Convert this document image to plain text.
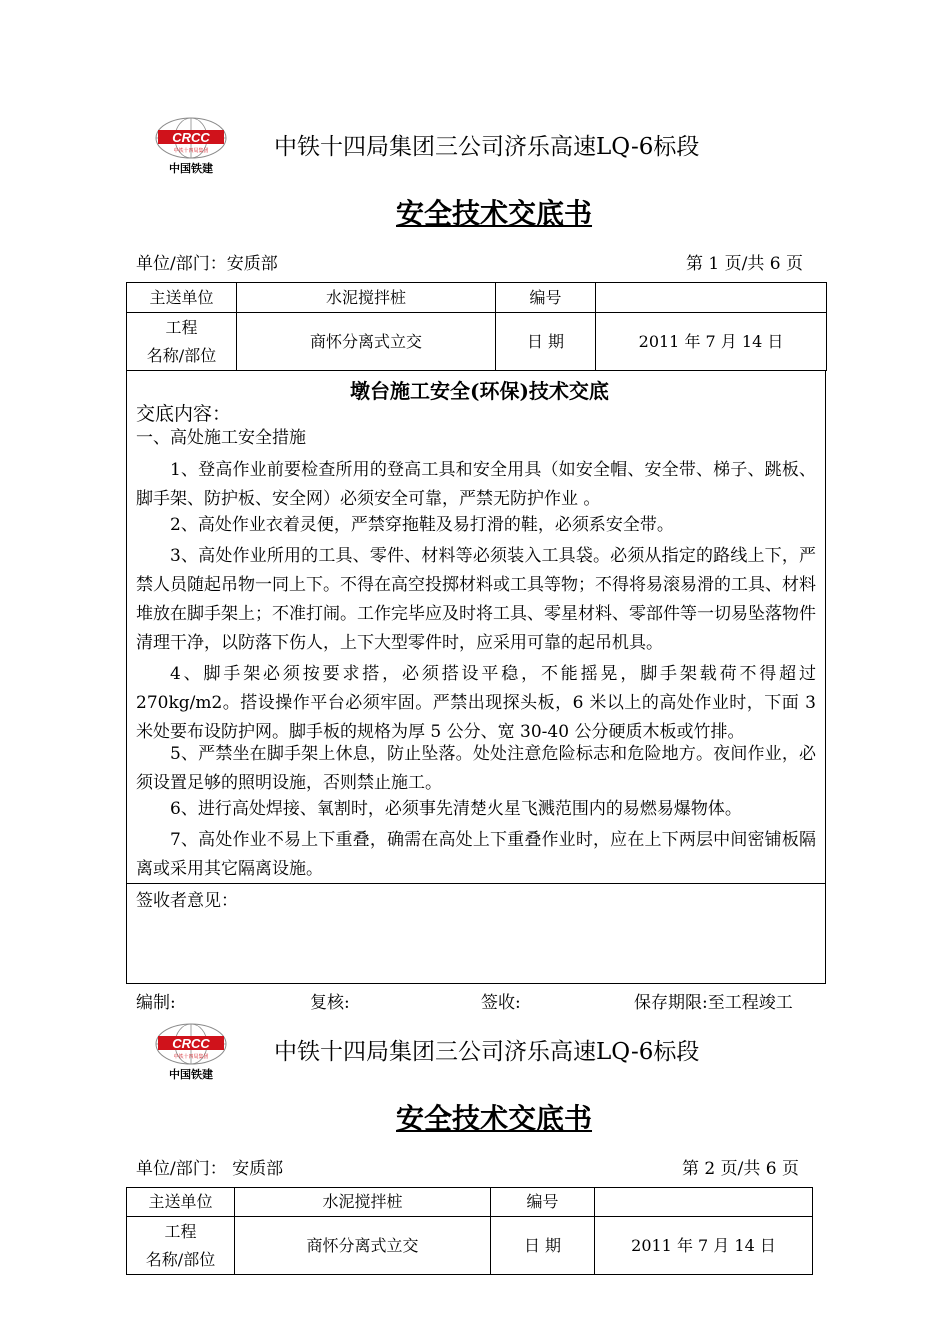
CRCC
中铁十四局集团
中国铁建
中铁十四局集团三公司济乐高速LQ-6标段
安全技术交底书
单位/部门：安质部	第 1 页/共 6 页
主送单位	水泥搅拌桩	编号	
工程
名称/部位	商怀分离式立交	日 期	2011 年 7 月 14 日
墩台施工安全(环保)技术交底
交底内容：
一、高处施工安全措施
1、登高作业前要检查所用的登高工具和安全用具（如安全帽、安全带、梯子、跳板、脚手架、防护板、安全网）必须安全可靠，严禁无防护作业 。
2、高处作业衣着灵便，严禁穿拖鞋及易打滑的鞋，必须系安全带。
3、高处作业所用的工具、零件、材料等必须装入工具袋。必须从指定的路线上下，严禁人员随起吊物一同上下。不得在高空投掷材料或工具等物；不得将易滚易滑的工具、材料堆放在脚手架上；不准打闹。工作完毕应及时将工具、零星材料、零部件等一切易坠落物件清理干净，以防落下伤人，上下大型零件时，应采用可靠的起吊机具。
4、脚手架必须按要求搭，必须搭设平稳，不能摇晃，脚手架载荷不得超过270kg/m2。搭设操作平台必须牢固。严禁出现探头板，6 米以上的高处作业时，下面 3 米处要布设防护网。脚手板的规格为厚 5 公分、宽 30-40 公分硬质木板或竹排。
5、严禁坐在脚手架上休息，防止坠落。处处注意危险标志和危险地方。夜间作业，必须设置足够的照明设施，否则禁止施工。
6、进行高处焊接、氧割时，必须事先清楚火星飞溅范围内的易燃易爆物体。
7、高处作业不易上下重叠，确需在高处上下重叠作业时，应在上下两层中间密铺板隔离或采用其它隔离设施。
签收者意见：
编制:	复核:	签收:	保存期限:至工程竣工
CRCC
中铁十四局集团
中国铁建
中铁十四局集团三公司济乐高速LQ-6标段
安全技术交底书
单位/部门： 安质部	第 2 页/共 6 页
主送单位	水泥搅拌桩	编号	
工程
名称/部位	商怀分离式立交	日 期	2011 年 7 月 14 日
